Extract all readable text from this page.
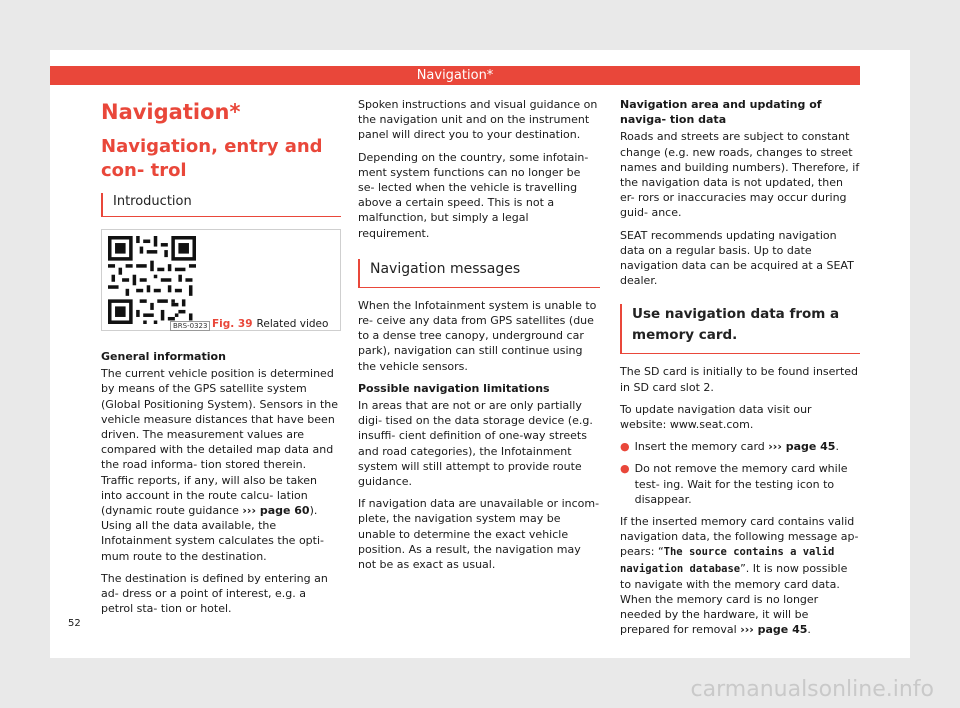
Navigation*
Navigation*
Navigation, entry and con- trol
Introduction
BRS-0323 Fig. 39 Related video

General information

The current vehicle position is determined by means of the GPS satellite system (Global Positioning System). Sensors in the vehicle measure distances that have been driven. The measurement values are compared with the detailed map data and the road informa- tion stored therein. Traffic reports, if any, will also be taken into account in the route calcu- lation (dynamic route guidance ››› page 60). Using all the data available, the Infotainment system calculates the opti- mum route to the destination.

The destination is defined by entering an ad- dress or a point of interest, e.g. a petrol sta- tion or hotel.

Spoken instructions and visual guidance on the navigation unit and on the instrument panel will direct you to your destination.

Depending on the country, some infotain- ment system functions can no longer be se- lected when the vehicle is travelling above a certain speed. This is not a malfunction, but simply a legal requirement.

Navigation messages

When the Infotainment system is unable to re- ceive any data from GPS satellites (due to a dense tree canopy, underground car park), navigation can still continue using the vehicle sensors.

Possible navigation limitations

In areas that are not or are only partially digi- tised on the data storage device (e.g. insuffi- cient definition of one-way streets and road categories), the Infotainment system will still attempt to provide route guidance.

If navigation data are unavailable or incom- plete, the navigation system may be unable to determine the exact vehicle position. As a result, the navigation may not be as exact as usual.

Navigation area and updating of naviga- tion data

Roads and streets are subject to constant change (e.g. new roads, changes to street names and building numbers). Therefore, if the navigation data is not updated, then er- rors or inaccuracies may occur during guid- ance.

SEAT recommends updating navigation data on a regular basis. Up to date navigation data can be acquired at a SEAT dealer.

Use navigation data from a memory card.

The SD card is initially to be found inserted in SD card slot 2.

To update navigation data visit our website: www.seat.com.

● Insert the memory card ››› page 45.

● Do not remove the memory card while test- ing. Wait for the testing icon to disappear.

If the inserted memory card contains valid navigation data, the following message ap- pears: “The source contains a valid navigation database”. It is now possible to navigate with the memory card data. When the memory card is no longer needed by the hardware, it will be prepared for removal ››› page 45.

52
carmanualsonline.info
